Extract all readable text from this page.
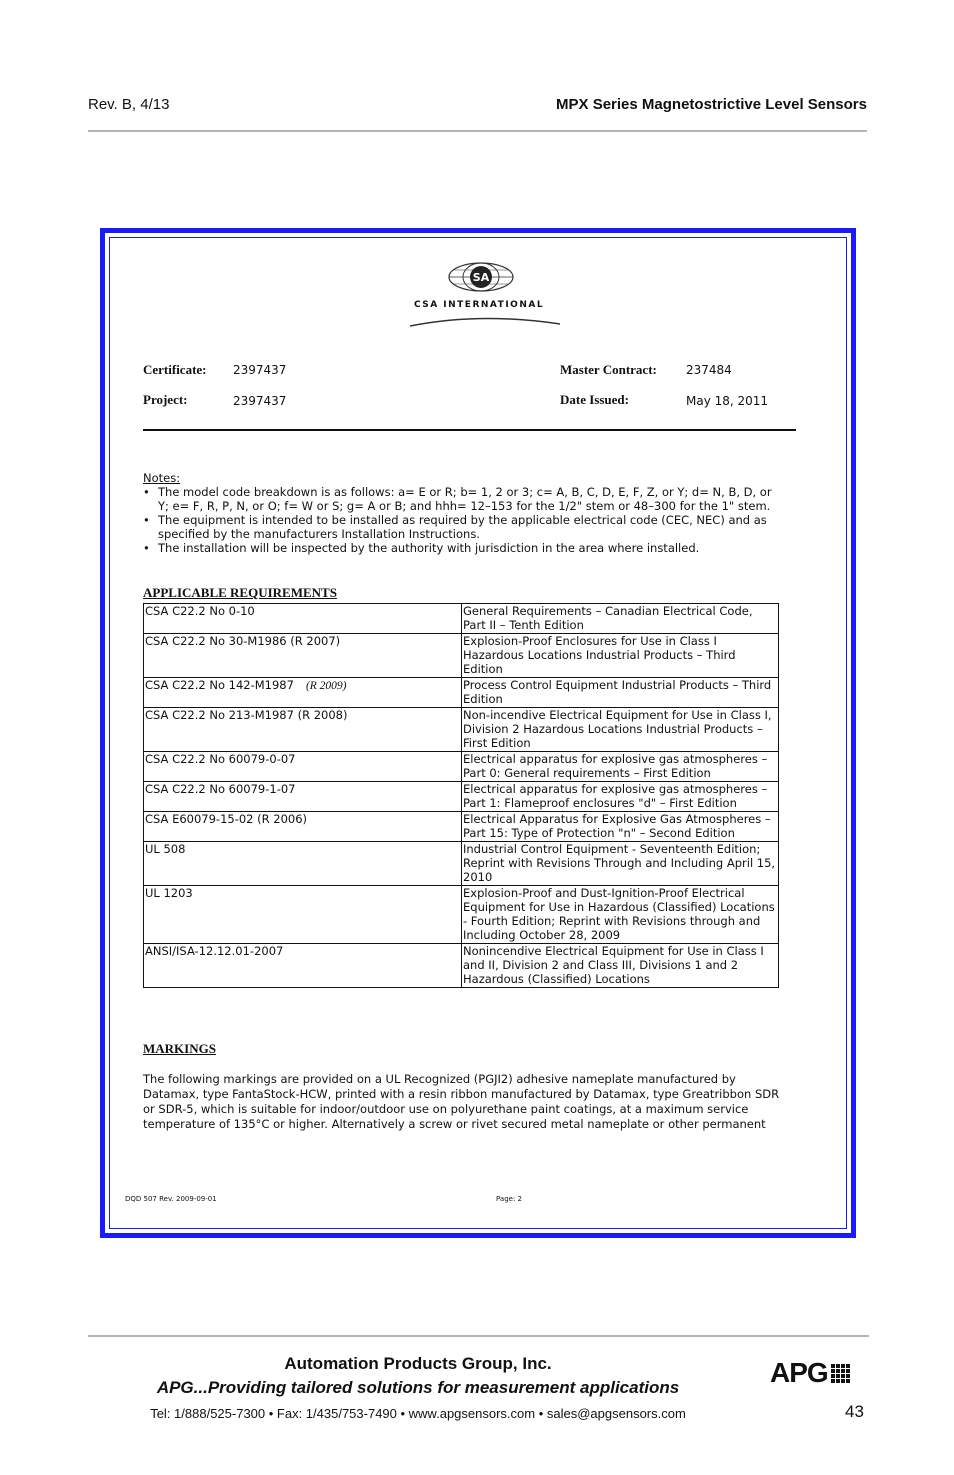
Rev. B, 4/13	MPX Series Magnetostrictive Level Sensors
SA
CSA INTERNATIONAL
Certificate: 2397437
Project:	2397437
Master Contract: 237484
Date Issued:	May 18, 2011
Notes:
• The model code breakdown is as follows: a= E or R; b= 1, 2 or 3; c= A, B, C, D, E, F, Z, or Y; d= N, B, D, or Y; e= F, R, P, N, or O; f= W or S; g= A or B; and hhh= 12–153 for the 1/2" stem or 48–300 for the 1" stem.
• The equipment is intended to be installed as required by the applicable electrical code (CEC, NEC) and as specified by the manufacturers Installation Instructions.
• The installation will be inspected by the authority with jurisdiction in the area where installed.
APPLICABLE REQUIREMENTS
CSA C22.2 No 0-10	General Requirements – Canadian Electrical Code, Part II – Tenth Edition
CSA C22.2 No 30-M1986 (R 2007)	Explosion-Proof Enclosures for Use in Class I Hazardous Locations Industrial Products – Third Edition
CSA C22.2 No 142-M1987 (R 2009)	Process Control Equipment Industrial Products – Third Edition
CSA C22.2 No 213-M1987 (R 2008)	Non-incendive Electrical Equipment for Use in Class I, Division 2 Hazardous Locations Industrial Products – First Edition
CSA C22.2 No 60079-0-07	Electrical apparatus for explosive gas atmospheres – Part 0: General requirements – First Edition
CSA C22.2 No 60079-1-07	Electrical apparatus for explosive gas atmospheres – Part 1: Flameproof enclosures "d" – First Edition
CSA E60079-15-02 (R 2006)	Electrical Apparatus for Explosive Gas Atmospheres – Part 15: Type of Protection "n" – Second Edition
UL 508	Industrial Control Equipment - Seventeenth Edition; Reprint with Revisions Through and Including April 15, 2010
UL 1203	Explosion-Proof and Dust-Ignition-Proof Electrical Equipment for Use in Hazardous (Classified) Locations - Fourth Edition; Reprint with Revisions through and Including October 28, 2009
ANSI/ISA-12.12.01-2007	Nonincendive Electrical Equipment for Use in Class I and II, Division 2 and Class III, Divisions 1 and 2 Hazardous (Classified) Locations
MARKINGS
The following markings are provided on a UL Recognized (PGJI2) adhesive nameplate manufactured by Datamax, type FantaStock-HCW, printed with a resin ribbon manufactured by Datamax, type Greatribbon SDR or SDR-5, which is suitable for indoor/outdoor use on polyurethane paint coatings, at a maximum service temperature of 135°C or higher. Alternatively a screw or rivet secured metal nameplate or other permanent
DQD 507 Rev. 2009-09-01	Page: 2
Automation Products Group, Inc.
APG...Providing tailored solutions for measurement applications
Tel: 1/888/525-7300 • Fax: 1/435/753-7490 • www.apgsensors.com • sales@apgsensors.com
APG
43
